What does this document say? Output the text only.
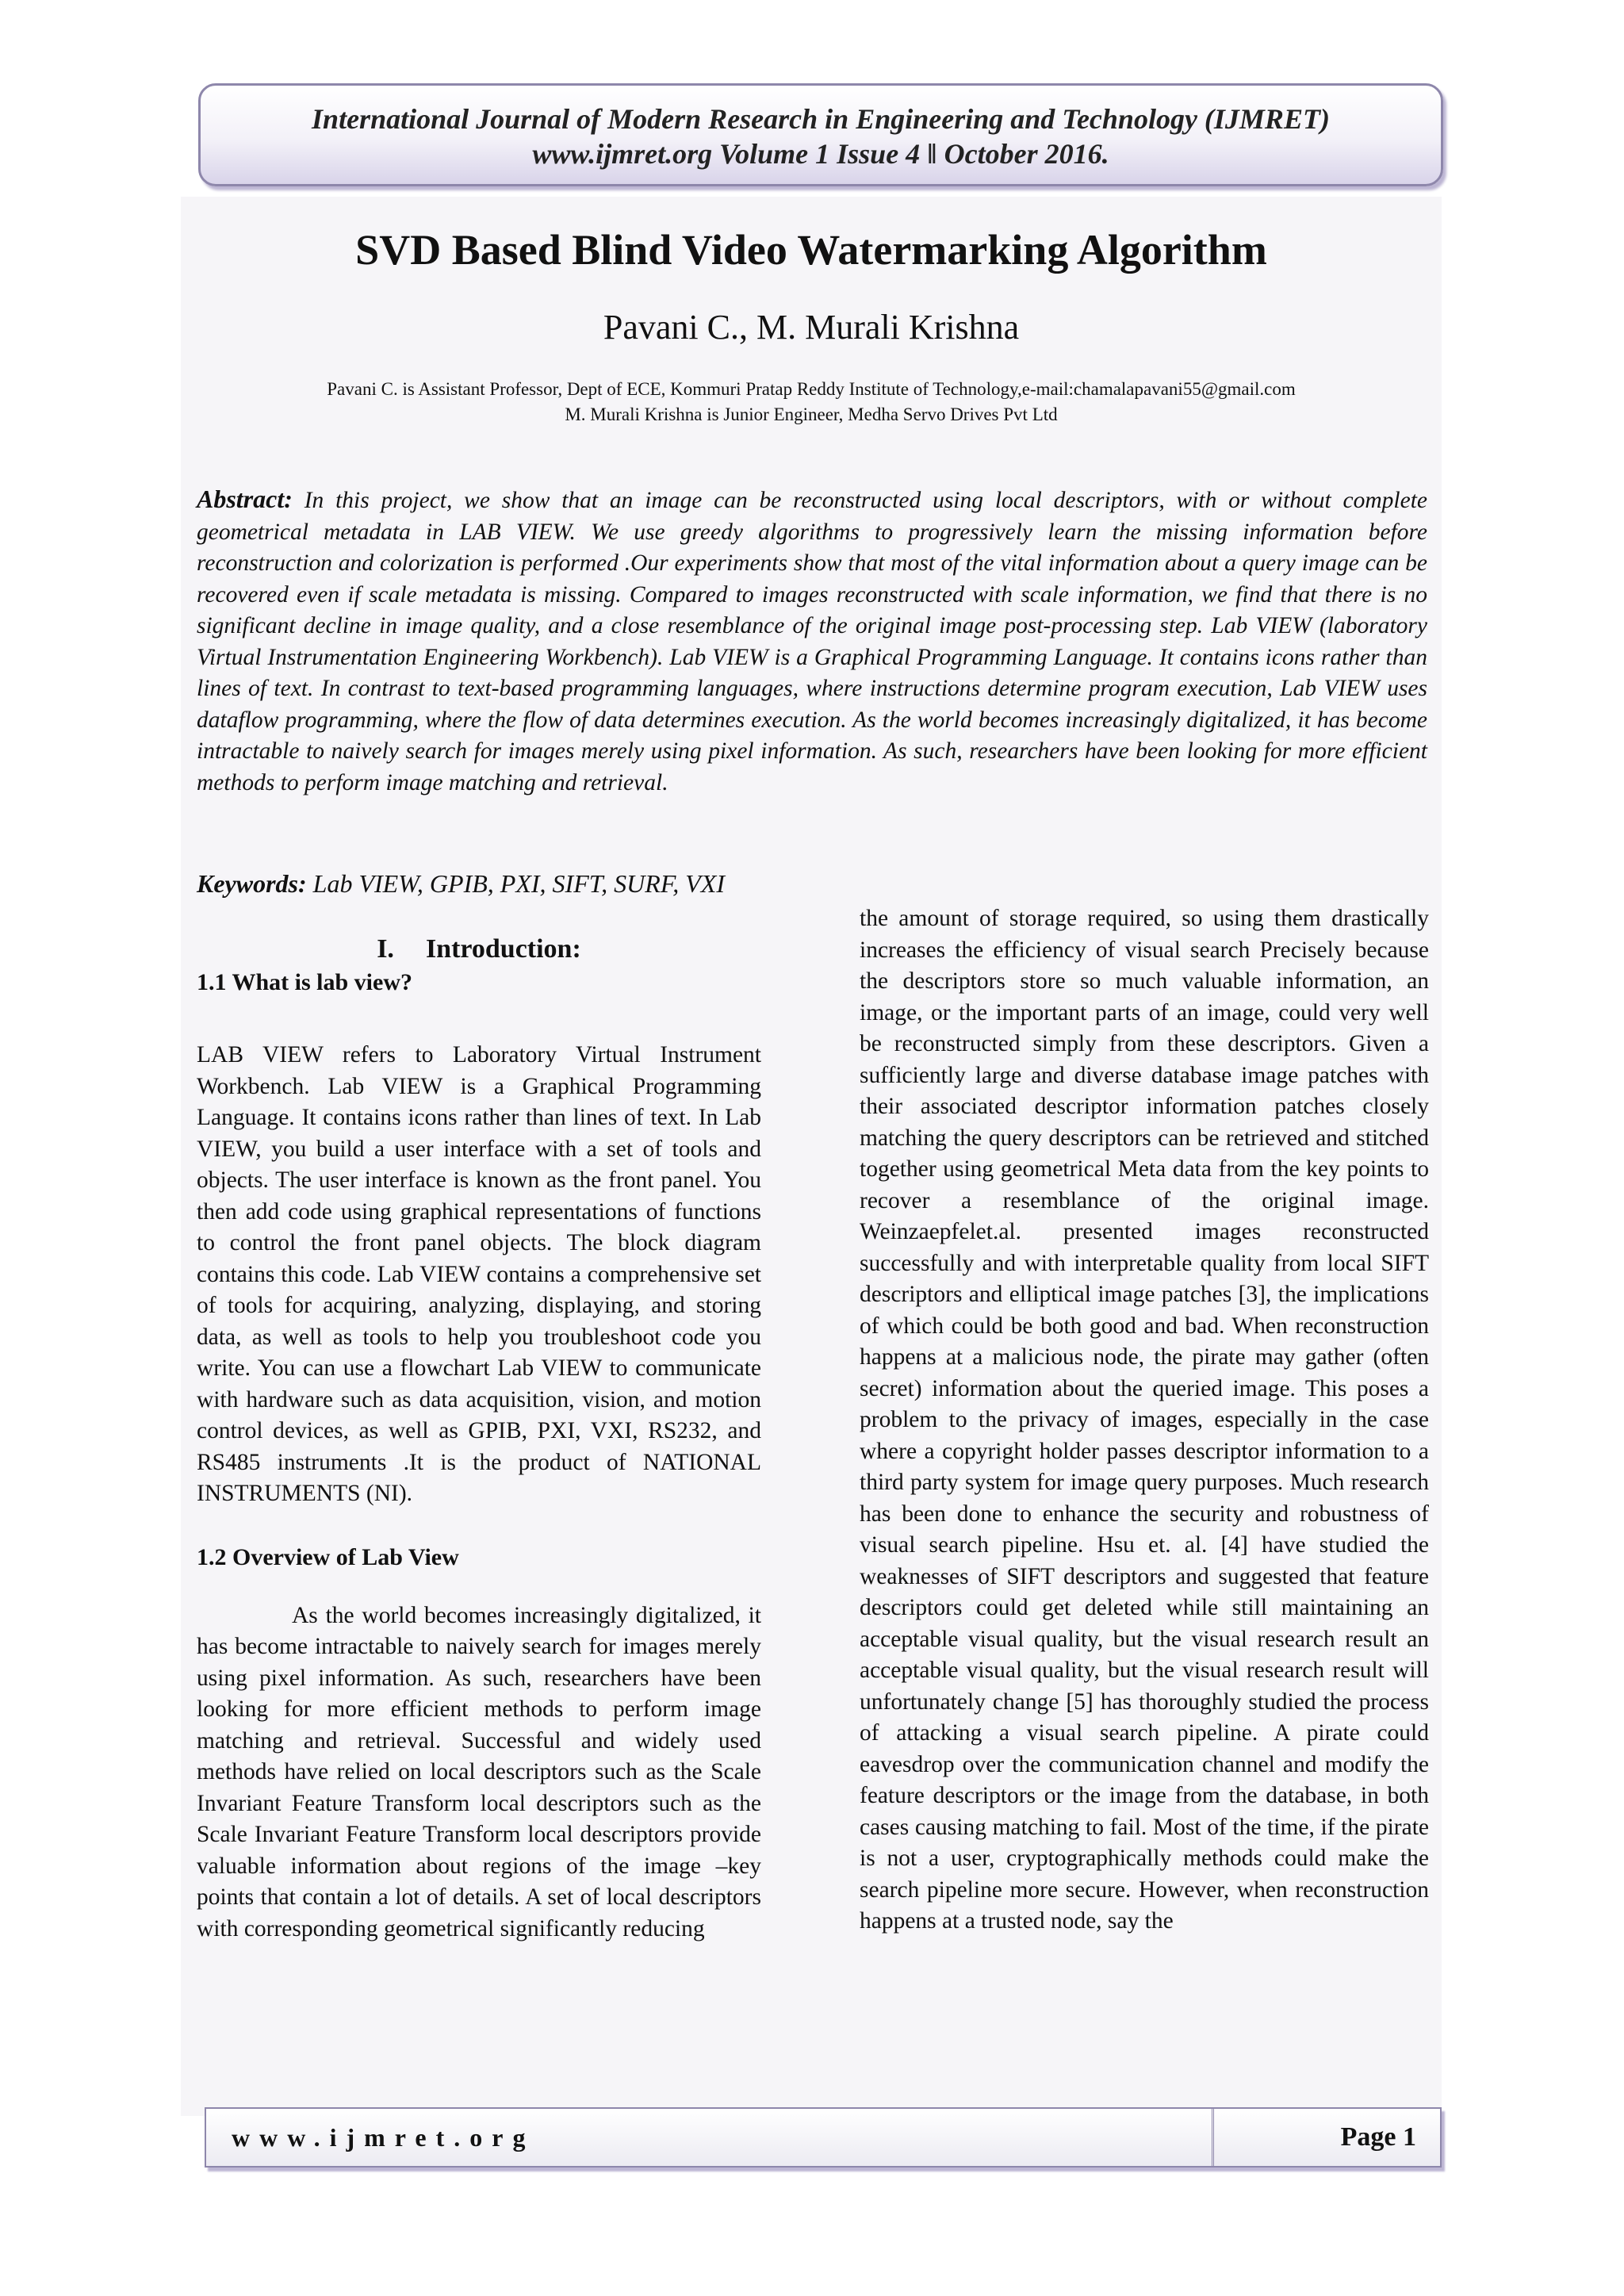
International Journal of Modern Research in Engineering and Technology (IJMRET)
www.ijmret.org Volume 1 Issue 4 ǁ October 2016.
SVD Based Blind Video Watermarking Algorithm
Pavani C., M. Murali Krishna
Pavani C. is Assistant Professor, Dept of ECE, Kommuri Pratap Reddy Institute of Technology,e-mail:chamalapavani55@gmail.com
M. Murali Krishna is Junior Engineer, Medha Servo Drives Pvt Ltd

Abstract: In this project, we show that an image can be reconstructed using local descriptors, with or without complete geometrical metadata in LAB VIEW. We use greedy algorithms to progressively learn the missing information before reconstruction and colorization is performed .Our experiments show that most of the vital information about a query image can be recovered even if scale metadata is missing. Compared to images reconstructed with scale information, we find that there is no significant decline in image quality, and a close resemblance of the original image post-processing step. Lab VIEW (laboratory Virtual Instrumentation Engineering Workbench). Lab VIEW is a Graphical Programming Language. It contains icons rather than lines of text. In contrast to text-based programming languages, where instructions determine program execution, Lab VIEW uses dataflow programming, where the flow of data determines execution. As the world becomes increasingly digitalized, it has become intractable to naively search for images merely using pixel information. As such, researchers have been looking for more efficient methods to perform image matching and retrieval.

Keywords: Lab VIEW, GPIB, PXI, SIFT, SURF, VXI
I. Introduction:
1.1 What is lab view?

LAB VIEW refers to Laboratory Virtual Instrument Workbench. Lab VIEW is a Graphical Programming Language. It contains icons rather than lines of text. In Lab VIEW, you build a user interface with a set of tools and objects. The user interface is known as the front panel. You then add code using graphical representations of functions to control the front panel objects. The block diagram contains this code. Lab VIEW contains a comprehensive set of tools for acquiring, analyzing, displaying, and storing data, as well as tools to help you troubleshoot code you write. You can use a flowchart Lab VIEW to communicate with hardware such as data acquisition, vision, and motion control devices, as well as GPIB, PXI, VXI, RS232, and RS485 instruments .It is the product of NATIONAL INSTRUMENTS (NI).

1.2 Overview of Lab View

As the world becomes increasingly digitalized, it has become intractable to naively search for images merely using pixel information. As such, researchers have been looking for more efficient methods to perform image matching and retrieval. Successful and widely used methods have relied on local descriptors such as the Scale Invariant Feature Transform local descriptors such as the Scale Invariant Feature Transform local descriptors provide valuable information about regions of the image –key points that contain a lot of details. A set of local descriptors with corresponding geometrical significantly reducing

the amount of storage required, so using them drastically increases the efficiency of visual search Precisely because the descriptors store so much valuable information, an image, or the important parts of an image, could very well be reconstructed simply from these descriptors. Given a sufficiently large and diverse database image patches with their associated descriptor information patches closely matching the query descriptors can be retrieved and stitched together using geometrical Meta data from the key points to recover a resemblance of the original image. Weinzaepfelet.al. presented images reconstructed successfully and with interpretable quality from local SIFT descriptors and elliptical image patches [3], the implications of which could be both good and bad. When reconstruction happens at a malicious node, the pirate may gather (often secret) information about the queried image. This poses a problem to the privacy of images, especially in the case where a copyright holder passes descriptor information to a third party system for image query purposes. Much research has been done to enhance the security and robustness of visual search pipeline. Hsu et. al. [4] have studied the weaknesses of SIFT descriptors and suggested that feature descriptors could get deleted while still maintaining an acceptable visual quality, but the visual research result an acceptable visual quality, but the visual research result will unfortunately change [5] has thoroughly studied the process of attacking a visual search pipeline. A pirate could eavesdrop over the communication channel and modify the feature descriptors or the image from the database, in both cases causing matching to fail. Most of the time, if the pirate is not a user, cryptographically methods could make the search pipeline more secure. However, when reconstruction happens at a trusted node, say the

www.ijmret.org	Page 1
